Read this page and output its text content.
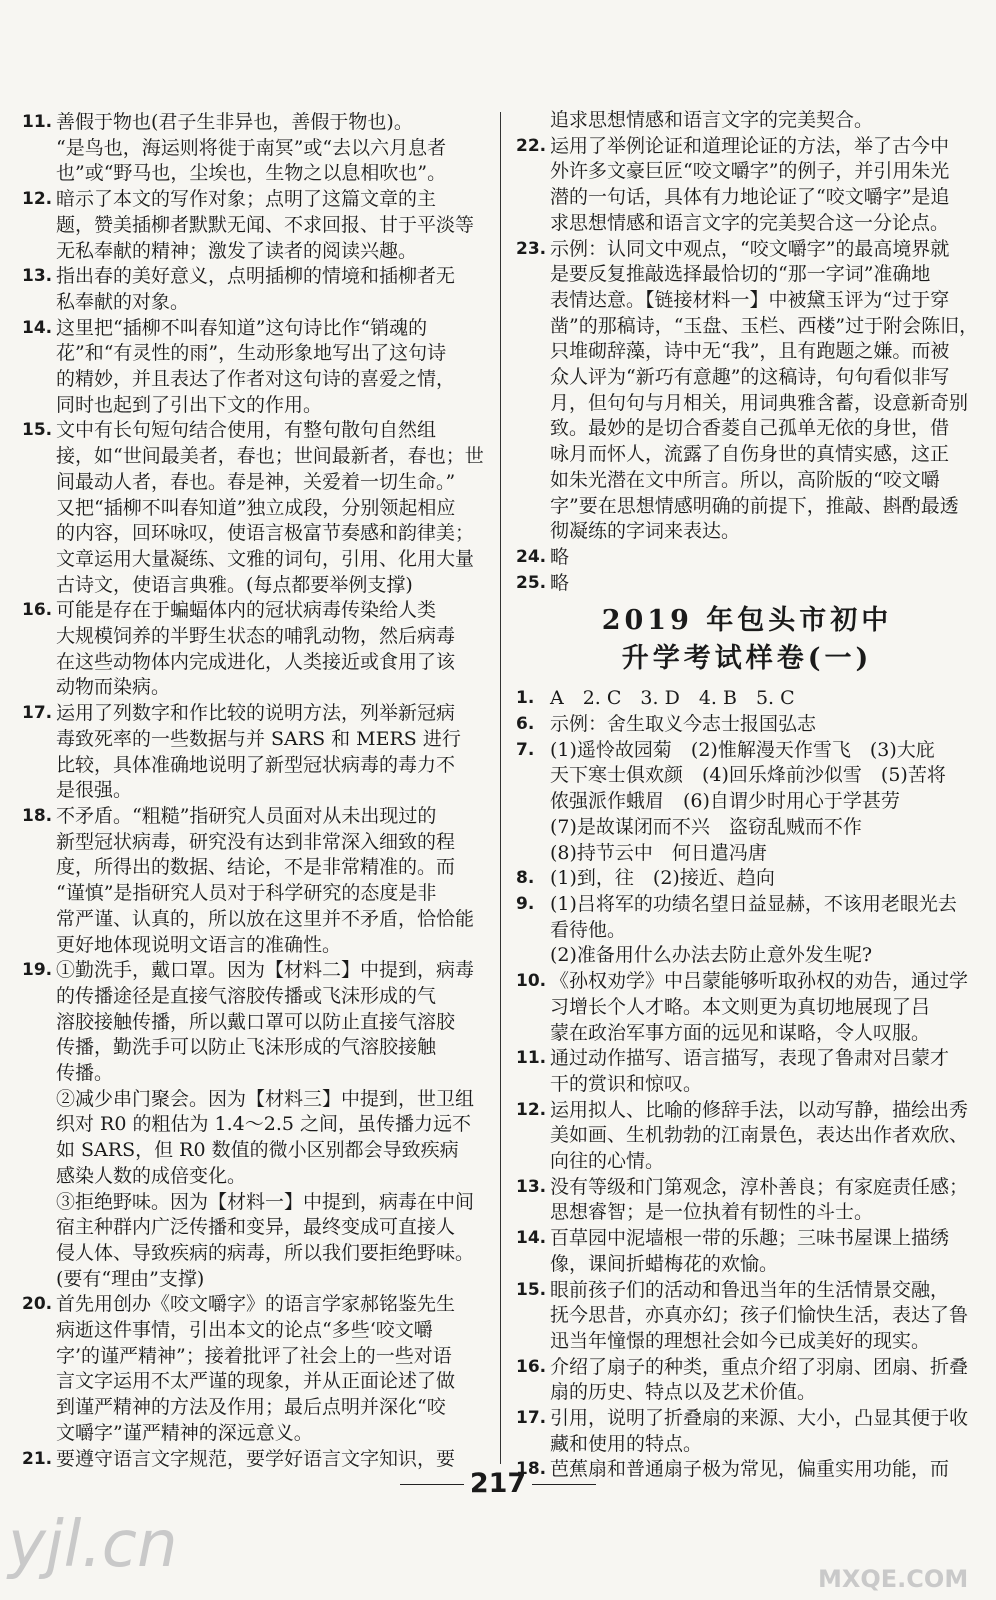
11. 善假于物也(君子生非异也，善假于物也)。
“是鸟也，海运则将徙于南冥”或“去以六月息者
也”或“野马也，尘埃也，生物之以息相吹也”。
12. 暗示了本文的写作对象；点明了这篇文章的主
题，赞美插柳者默默无闻、不求回报、甘于平淡等
无私奉献的精神；激发了读者的阅读兴趣。
13. 指出春的美好意义，点明插柳的情境和插柳者无
私奉献的对象。
14. 这里把“插柳不叫春知道”这句诗比作“销魂的
花”和“有灵性的雨”，生动形象地写出了这句诗
的精妙，并且表达了作者对这句诗的喜爱之情，
同时也起到了引出下文的作用。
15. 文中有长句短句结合使用，有整句散句自然组
接，如“世间最美者，春也；世间最新者，春也；世
间最动人者，春也。春是神，关爱着一切生命。”
又把“插柳不叫春知道”独立成段，分别领起相应
的内容，回环咏叹，使语言极富节奏感和韵律美；
文章运用大量凝练、文雅的词句，引用、化用大量
古诗文，使语言典雅。(每点都要举例支撑)
16. 可能是存在于蝙蝠体内的冠状病毒传染给人类
大规模饲养的半野生状态的哺乳动物，然后病毒
在这些动物体内完成进化，人类接近或食用了该
动物而染病。
17. 运用了列数字和作比较的说明方法，列举新冠病
毒致死率的一些数据与并 SARS 和 MERS 进行
比较，具体准确地说明了新型冠状病毒的毒力不
是很强。
18. 不矛盾。“粗糙”指研究人员面对从未出现过的
新型冠状病毒，研究没有达到非常深入细致的程
度，所得出的数据、结论，不是非常精准的。而
“谨慎”是指研究人员对于科学研究的态度是非
常严谨、认真的，所以放在这里并不矛盾，恰恰能
更好地体现说明文语言的准确性。
19. ①勤洗手，戴口罩。因为【材料二】中提到，病毒
的传播途径是直接气溶胶传播或飞沫形成的气
溶胶接触传播，所以戴口罩可以防止直接气溶胶
传播，勤洗手可以防止飞沫形成的气溶胶接触
传播。
②减少串门聚会。因为【材料三】中提到，世卫组
织对 R0 的粗估为 1.4～2.5 之间，虽传播力远不
如 SARS，但 R0 数值的微小区别都会导致疾病
感染人数的成倍变化。
③拒绝野味。因为【材料一】中提到，病毒在中间
宿主种群内广泛传播和变异，最终变成可直接人
侵人体、导致疾病的病毒，所以我们要拒绝野味。
(要有“理由”支撑)
20. 首先用创办《咬文嚼字》的语言学家郝铭鉴先生
病逝这件事情，引出本文的论点“多些‘咬文嚼
字’的谨严精神”；接着批评了社会上的一些对语
言文字运用不太严谨的现象，并从正面论述了做
到谨严精神的方法及作用；最后点明并深化“咬
文嚼字”谨严精神的深远意义。
21. 要遵守语言文字规范，要学好语言文字知识，要
追求思想情感和语言文字的完美契合。
22. 运用了举例论证和道理论证的方法，举了古今中
外许多文豪巨匠“咬文嚼字”的例子，并引用朱光
潜的一句话，具体有力地论证了“咬文嚼字”是追
求思想情感和语言文字的完美契合这一分论点。
23. 示例：认同文中观点，“咬文嚼字”的最高境界就
是要反复推敲选择最恰切的“那一字词”准确地
表情达意。【链接材料一】中被黛玉评为“过于穿
凿”的那稿诗，“玉盘、玉栏、西楼”过于附会陈旧，
只堆砌辞藻，诗中无“我”，且有跑题之嫌。而被
众人评为“新巧有意趣”的这稿诗，句句看似非写
月，但句句与月相关，用词典雅含蓄，设意新奇别
致。最妙的是切合香菱自己孤单无依的身世，借
咏月而怀人，流露了自伤身世的真情实感，这正
如朱光潜在文中所言。所以，高阶版的“咬文嚼
字”要在思想情感明确的前提下，推敲、斟酌最透
彻凝练的字词来表达。
24. 略
25. 略
2019 年包头市初中
升学考试样卷(一)
1. A　2. C　3. D　4. B　5. C
6. 示例：舍生取义今志士报国弘志
7. (1)遥怜故园菊　(2)惟解漫天作雪飞　(3)大庇
天下寒士俱欢颜　(4)回乐烽前沙似雪　(5)苦将
侬强派作蛾眉　(6)自谓少时用心于学甚劳
(7)是故谋闭而不兴　盗窃乱贼而不作
(8)持节云中　何日遣冯唐
8. (1)到，往　(2)接近、趋向
9. (1)吕将军的功绩名望日益显赫，不该用老眼光去
看待他。
(2)准备用什么办法去防止意外发生呢?
10. 《孙权劝学》中吕蒙能够听取孙权的劝告，通过学
习增长个人才略。本文则更为真切地展现了吕
蒙在政治军事方面的远见和谋略，令人叹服。
11. 通过动作描写、语言描写，表现了鲁肃对吕蒙才
干的赏识和惊叹。
12. 运用拟人、比喻的修辞手法，以动写静，描绘出秀
美如画、生机勃勃的江南景色，表达出作者欢欣、
向往的心情。
13. 没有等级和门第观念，淳朴善良；有家庭责任感；
思想睿智；是一位执着有韧性的斗士。
14. 百草园中泥墙根一带的乐趣；三味书屋课上描绣
像，课间折蜡梅花的欢愉。
15. 眼前孩子们的活动和鲁迅当年的生活情景交融，
抚今思昔，亦真亦幻；孩子们愉快生活，表达了鲁
迅当年憧憬的理想社会如今已成美好的现实。
16. 介绍了扇子的种类，重点介绍了羽扇、团扇、折叠
扇的历史、特点以及艺术价值。
17. 引用，说明了折叠扇的来源、大小，凸显其便于收
藏和使用的特点。
18. 芭蕉扇和普通扇子极为常见，偏重实用功能，而
217
yjl.cn	MXQE.COM
